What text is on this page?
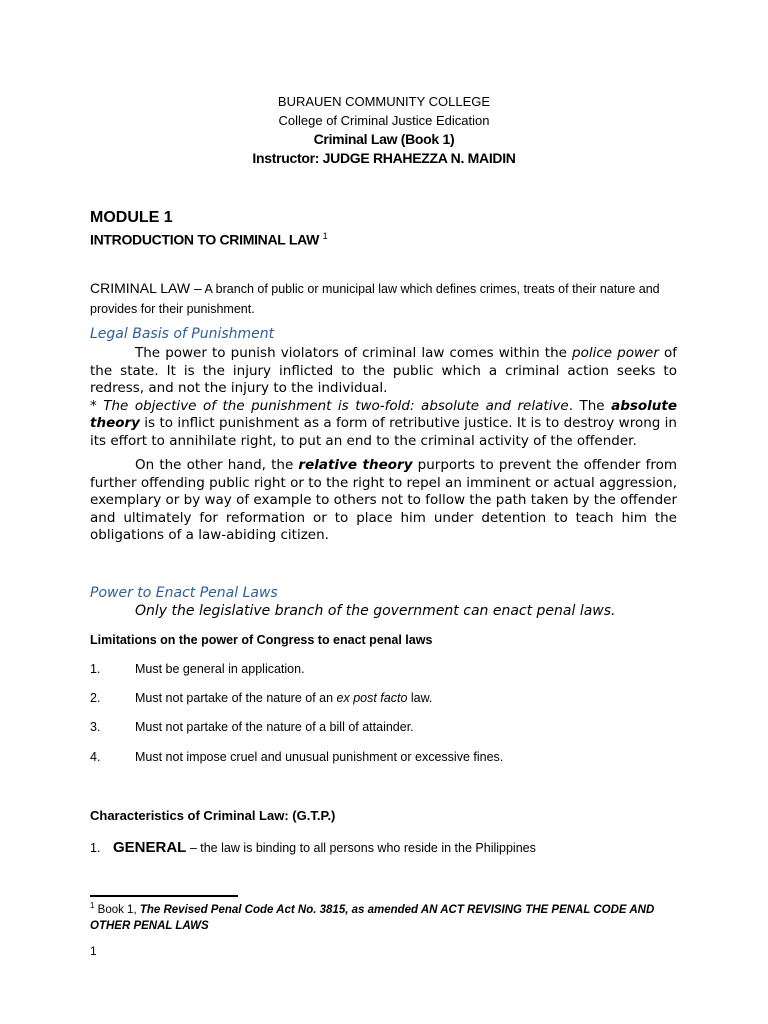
BURAUEN COMMUNITY COLLEGE
College of Criminal Justice Edication
Criminal Law (Book 1)
Instructor: JUDGE RHAHEZZA N. MAIDIN
MODULE 1
INTRODUCTION TO CRIMINAL LAW $^1$
CRIMINAL LAW – A branch of public or municipal law which defines crimes, treats of their nature and provides for their punishment.
Legal Basis of Punishment
The power to punish violators of criminal law comes within the police power of the state. It is the injury inflicted to the public which a criminal action seeks to redress, and not the injury to the individual.
* The objective of the punishment is two-fold: absolute and relative. The absolute theory is to inflict punishment as a form of retributive justice. It is to destroy wrong in its effort to annihilate right, to put an end to the criminal activity of the offender.
On the other hand, the relative theory purports to prevent the offender from further offending public right or to the right to repel an imminent or actual aggression, exemplary or by way of example to others not to follow the path taken by the offender and ultimately for reformation or to place him under detention to teach him the obligations of a law-abiding citizen.
Power to Enact Penal Laws
Only the legislative branch of the government can enact penal laws.
Limitations on the power of Congress to enact penal laws
1.	Must be general in application.
2.	Must not partake of the nature of an ex post facto law.
3.	Must not partake of the nature of a bill of attainder.
4.	Must not impose cruel and unusual punishment or excessive fines.
Characteristics of Criminal Law: (G.T.P.)
1. GENERAL – the law is binding to all persons who reside in the Philippines
$^1$ Book 1, The Revised Penal Code Act No. 3815, as amended AN ACT REVISING THE PENAL CODE AND OTHER PENAL LAWS
1
